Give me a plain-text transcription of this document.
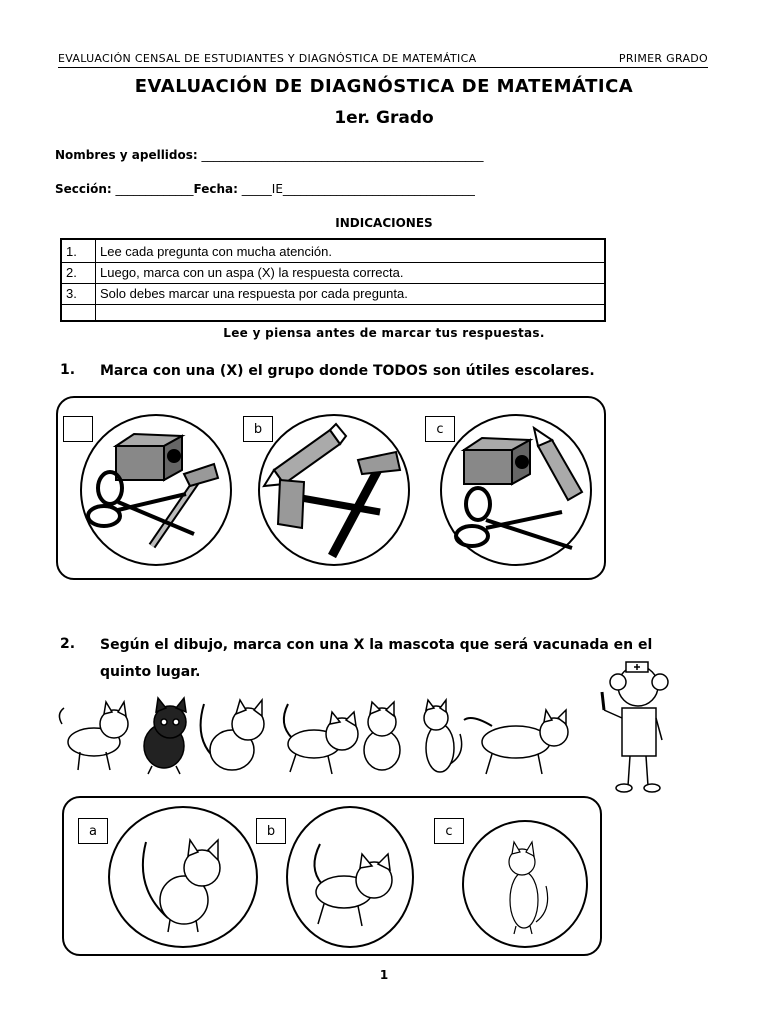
EVALUACIÓN CENSAL DE ESTUDIANTES Y DIAGNÓSTICA DE MATEMÁTICA	PRIMER GRADO
EVALUACIÓN DE DIAGNÓSTICA DE MATEMÁTICA
1er. Grado
Nombres y apellidos: _______________________________________________
Sección: _____________Fecha: _____IE________________________________
INDICACIONES
1.	Lee cada pregunta con mucha atención.
2.	Luego, marca con un aspa (X) la respuesta correcta.
3.	Solo debes marcar una respuesta por cada pregunta.
Lee y piensa antes de marcar tus respuestas.
1. Marca con una (X) el grupo donde TODOS son útiles escolares.
b	c
2. Según el dibujo, marca con una X la mascota que será vacunada en el quinto lugar.
a	b	c
1
